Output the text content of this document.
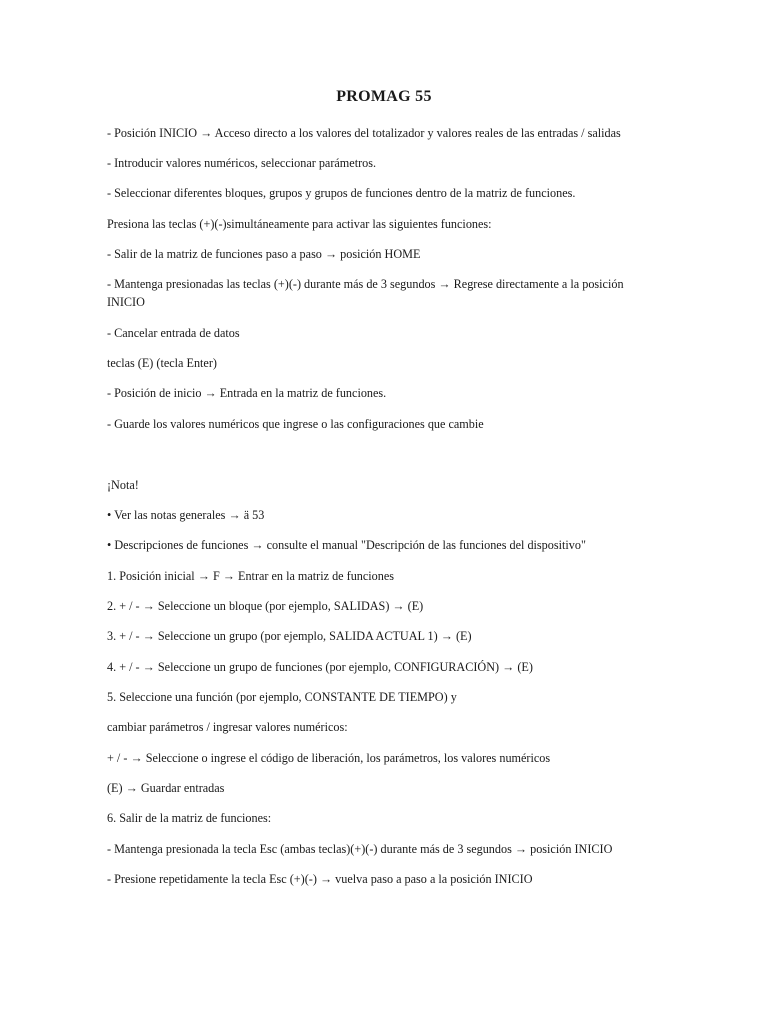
PROMAG 55
- Posición INICIO → Acceso directo a los valores del totalizador y valores reales de las entradas / salidas
- Introducir valores numéricos, seleccionar parámetros.
- Seleccionar diferentes bloques, grupos y grupos de funciones dentro de la matriz de funciones.
Presiona las teclas (+)(-)simultáneamente para activar las siguientes funciones:
- Salir de la matriz de funciones paso a paso → posición HOME
- Mantenga presionadas las teclas (+)(-) durante más de 3 segundos → Regrese directamente a la posición INICIO
- Cancelar entrada de datos
teclas (E) (tecla Enter)
- Posición de inicio → Entrada en la matriz de funciones.
- Guarde los valores numéricos que ingrese o las configuraciones que cambie
¡Nota!
• Ver las notas generales → ä 53
• Descripciones de funciones → consulte el manual "Descripción de las funciones del dispositivo"
1. Posición inicial → F → Entrar en la matriz de funciones
2. + / - → Seleccione un bloque (por ejemplo, SALIDAS) → (E)
3. + / - → Seleccione un grupo (por ejemplo, SALIDA ACTUAL 1) → (E)
4. + / - → Seleccione un grupo de funciones (por ejemplo, CONFIGURACIÓN) → (E)
5. Seleccione una función (por ejemplo, CONSTANTE DE TIEMPO) y
cambiar parámetros / ingresar valores numéricos:
+ / - → Seleccione o ingrese el código de liberación, los parámetros, los valores numéricos
(E) → Guardar entradas
6. Salir de la matriz de funciones:
- Mantenga presionada la tecla Esc (ambas teclas)(+)(-) durante más de 3 segundos → posición INICIO
- Presione repetidamente la tecla Esc (+)(-) → vuelva paso a paso a la posición INICIO
